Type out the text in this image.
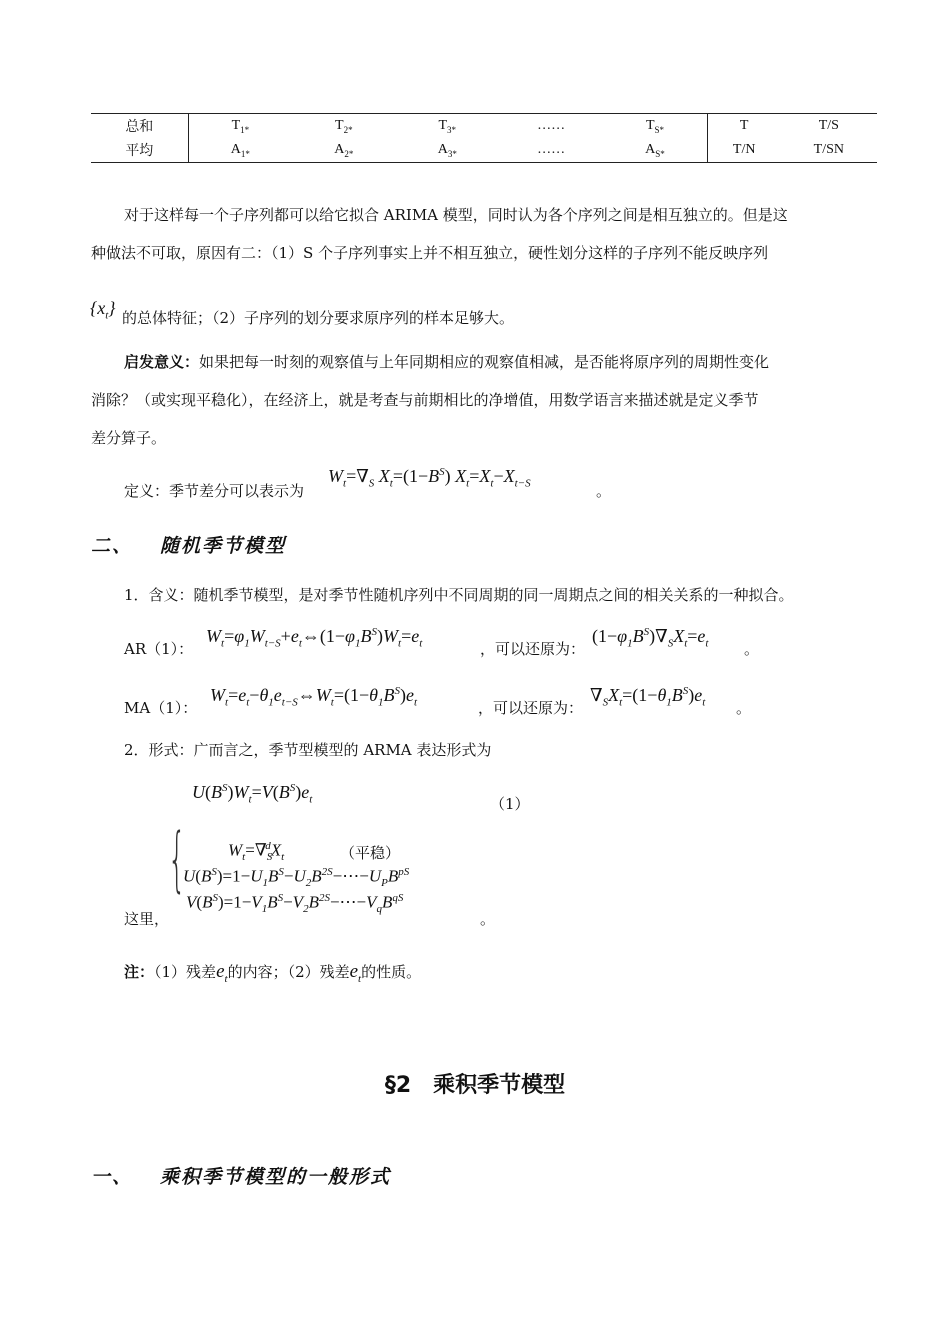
总和	$T_{1*}$	$T_{2*}$	$T_{3*}$	……	$T_{S*}$	T	T/S
平均	$A_{1*}$	$A_{2*}$	$A_{3*}$	……	$A_{S*}$	T/N	T/SN
对于这样每一个子序列都可以给它拟合 ARIMA 模型，同时认为各个序列之间是相互独立的。但是这
种做法不可取，原因有二：（1）S 个子序列事实上并不相互独立，硬性划分这样的子序列不能反映序列
$\{x_t\}$ 的总体特征；（2）子序列的划分要求原序列的样本足够大。
启发意义：如果把每一时刻的观察值与上年同期相应的观察值相减，是否能将原序列的周期性变化
消除？（或实现平稳化），在经济上，就是考查与前期相比的净增值，用数学语言来描述就是定义季节
差分算子。
定义：季节差分可以表示为
$W_t=\nabla_S$ $X_t=(1-B^S)$ $X_t=X_t-X_{t-S}$	。
二、 随机季节模型
1．含义：随机季节模型，是对季节性随机序列中不同周期的同一周期点之间的相关关系的一种拟合。
AR（1）：
$W_t=\varphi_1W_{t-S}+e_t\Leftrightarrow(1-\varphi_1B^S)W_t=e_t$	，可以还原为：
$(1-\varphi_1B^S)\nabla_SX_t=e_t$ 。
MA（1）：
$W_t=e_t-\theta_1e_{t-S}\Leftrightarrow W_t=(1-\theta_1B^S)e_t$	，可以还原为：
$\nabla_SX_t=(1-\theta_1B^S)e_t$ 。
2．形式：广而言之，季节型模型的 ARMA 表达形式为
$U(B^S)W_t=V(B^S)e_t$	（1）
{ $W_t=\nabla_S^dX_t$	（平稳）
$U(B^S)=1-U_1B^S-U_2B^{2S}-\cdots-U_PB^{pS}$
$V(B^S)=1-V_1B^S-V_2B^{2S}-\cdots-V_qB^{qS}$
这里，	。
注：（1）残差$e_t$的内容；（2）残差$e_t$的性质。
§2　乘积季节模型
一、 乘积季节模型的一般形式
